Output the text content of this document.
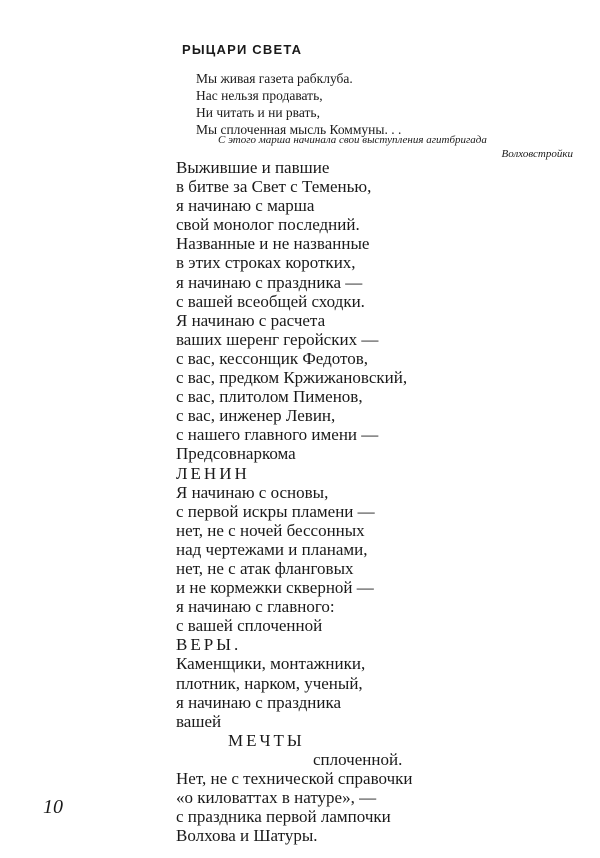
РЫЦАРИ СВЕТА
Мы живая газета рабклуба.
Нас нельзя продавать,
Ни читать и ни рвать,
Мы сплоченная мысль Коммуны. . .
С этого марша начинала свои выступления агитбригада
Волховстройки
Выжившие и павшие
в битве за Свет с Теменью,
я начинаю с марша
свой монолог последний.
Названные и не названные
в этих строках коротких,
я начинаю с праздника —
с вашей всеобщей сходки.
Я начинаю с расчета
ваших шеренг геройских —
с вас, кессонщик Федотов,
с вас, предком Кржижановский,
с вас, плитолом Пименов,
с вас, инженер Левин,
с нашего главного имени —
Предсовнаркома
ЛЕНИН
Я начинаю с основы,
с первой искры пламени —
нет, не с ночей бессонных
над чертежами и планами,
нет, не с атак фланговых
и не кормежки скверной —
я начинаю с главного:
с вашей сплоченной
ВЕРЫ.
Каменщики, монтажники,
плотник, нарком, ученый,
я начинаю с праздника
вашей
МЕЧТЫ
сплоченной.
Нет, не с технической справочки
«о киловаттах в натуре», —
с праздника первой лампочки
Волхова и Шатуры.
10
